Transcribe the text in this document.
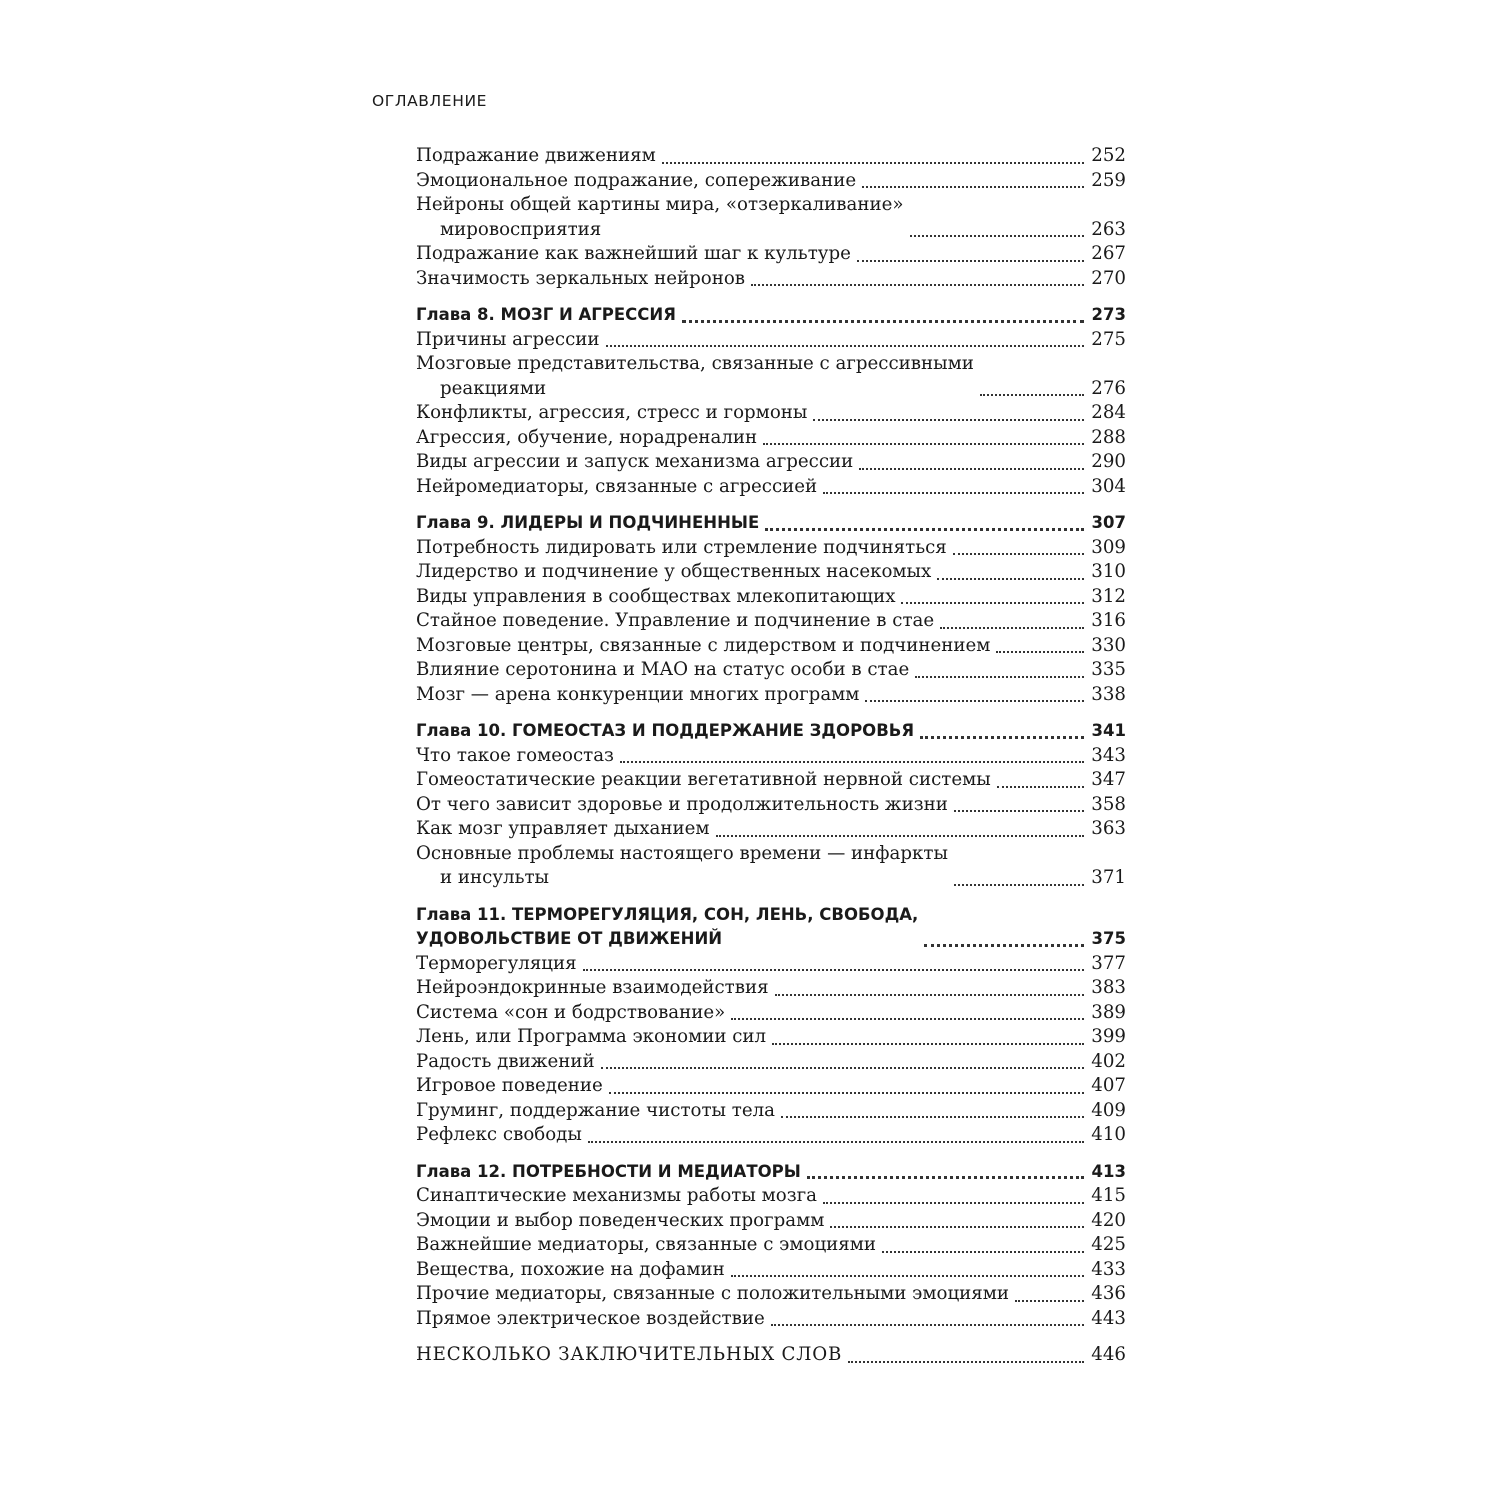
ОГЛАВЛЕНИЕ
Подражание движениям	252
Эмоциональное подражание, сопереживание	259
Нейроны общей картины мира, «отзеркаливание»
мировосприятия	263
Подражание как важнейший шаг к культуре	267
Значимость зеркальных нейронов	270
Глава 8. МОЗГ И АГРЕССИЯ	273
Причины агрессии	275
Мозговые представительства, связанные с агрессивными
реакциями	276
Конфликты, агрессия, стресс и гормоны	284
Агрессия, обучение, норадреналин	288
Виды агрессии и запуск механизма агрессии	290
Нейромедиаторы, связанные с агрессией	304
Глава 9. ЛИДЕРЫ И ПОДЧИНЕННЫЕ	307
Потребность лидировать или стремление подчиняться	309
Лидерство и подчинение у общественных насекомых	310
Виды управления в сообществах млекопитающих	312
Стайное поведение. Управление и подчинение в стае	316
Мозговые центры, связанные с лидерством и подчинением	330
Влияние серотонина и МАО на статус особи в стае	335
Мозг — арена конкуренции многих программ	338
Глава 10. ГОМЕОСТАЗ И ПОДДЕРЖАНИЕ ЗДОРОВЬЯ	341
Что такое гомеостаз	343
Гомеостатические реакции вегетативной нервной системы	347
От чего зависит здоровье и продолжительность жизни	358
Как мозг управляет дыханием	363
Основные проблемы настоящего времени — инфаркты
и инсульты	371
Глава 11. ТЕРМОРЕГУЛЯЦИЯ, СОН, ЛЕНЬ, СВОБОДА,
УДОВОЛЬСТВИЕ ОТ ДВИЖЕНИЙ	375
Терморегуляция	377
Нейроэндокринные взаимодействия	383
Система «сон и бодрствование»	389
Лень, или Программа экономии сил	399
Радость движений	402
Игровое поведение	407
Груминг, поддержание чистоты тела	409
Рефлекс свободы	410
Глава 12. ПОТРЕБНОСТИ И МЕДИАТОРЫ	413
Синаптические механизмы работы мозга	415
Эмоции и выбор поведенческих программ	420
Важнейшие медиаторы, связанные с эмоциями	425
Вещества, похожие на дофамин	433
Прочие медиаторы, связанные с положительными эмоциями	436
Прямое электрическое воздействие	443
НЕСКОЛЬКО ЗАКЛЮЧИТЕЛЬНЫХ СЛОВ	446
